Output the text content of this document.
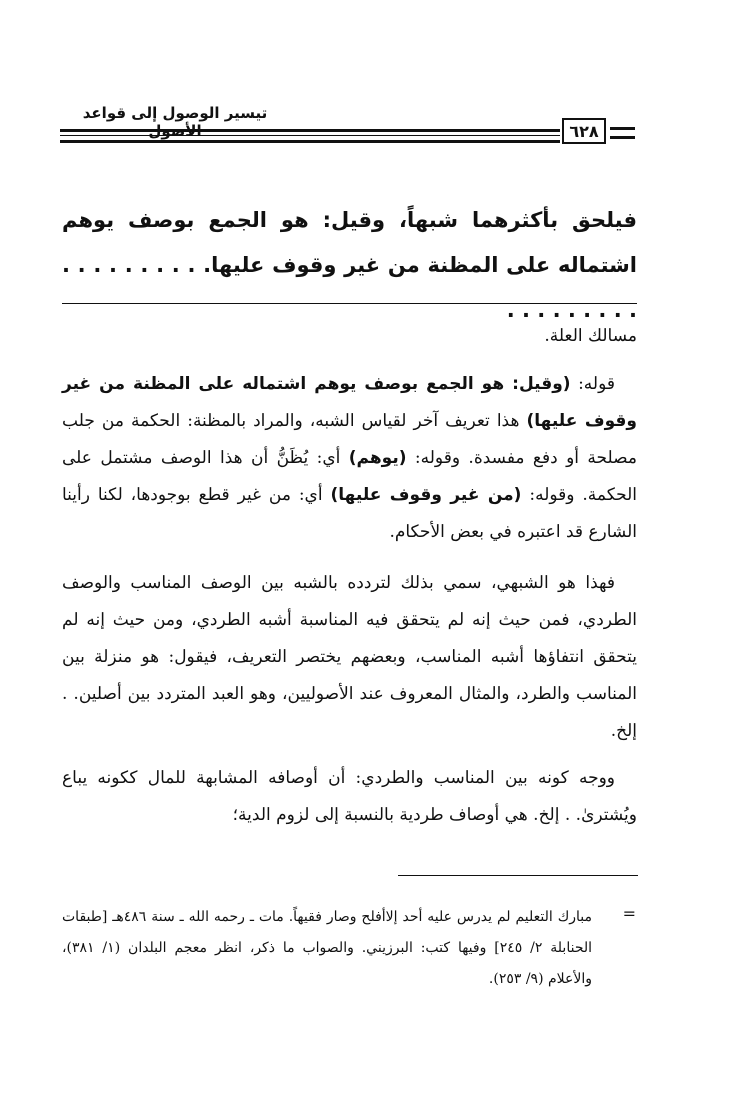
تيسير الوصول إلى قواعد الأصول	٦٢٨
فيلحق بأكثرهما شبهاً، وقيل: هو الجمع بوصف يوهم اشتماله على المظنة من غير وقوف عليها. . . . . . . . . . . . . . . . . . .
مسالك العلة.
قوله: (وقيل: هو الجمع بوصف يوهم اشتماله على المظنة من غير وقوف عليها) هذا تعريف آخر لقياس الشبه، والمراد بالمظنة: الحكمة من جلب مصلحة أو دفع مفسدة. وقوله: (يوهم) أي: يُظَنُّ أن هذا الوصف مشتمل على الحكمة. وقوله: (من غير وقوف عليها) أي: من غير قطع بوجودها، لكنا رأينا الشارع قد اعتبره في بعض الأحكام.
فهذا هو الشبهي، سمي بذلك لتردده بالشبه بين الوصف المناسب والوصف الطردي، فمن حيث إنه لم يتحقق فيه المناسبة أشبه الطردي، ومن حيث إنه لم يتحقق انتفاؤها أشبه المناسب، وبعضهم يختصر التعريف، فيقول: هو منزلة بين المناسب والطرد، والمثال المعروف عند الأصوليين، وهو العبد المتردد بين أصلين. . إلخ.
ووجه كونه بين المناسب والطردي: أن أوصافه المشابهة للمال ككونه يباع ويُشترىٰ. . إلخ. هي أوصاف طردية بالنسبة إلى لزوم الدية؛
=
مبارك التعليم لم يدرس عليه أحد إلاأفلح وصار فقيهاً. مات ـ رحمه الله ـ سنة ٤٨٦هـ [طبقات الحنابلة ٢/ ٢٤٥] وفيها كتب: البرزيني. والصواب ما ذكر، انظر معجم البلدان (١/ ٣٨١)، والأعلام (٩/ ٢٥٣).
